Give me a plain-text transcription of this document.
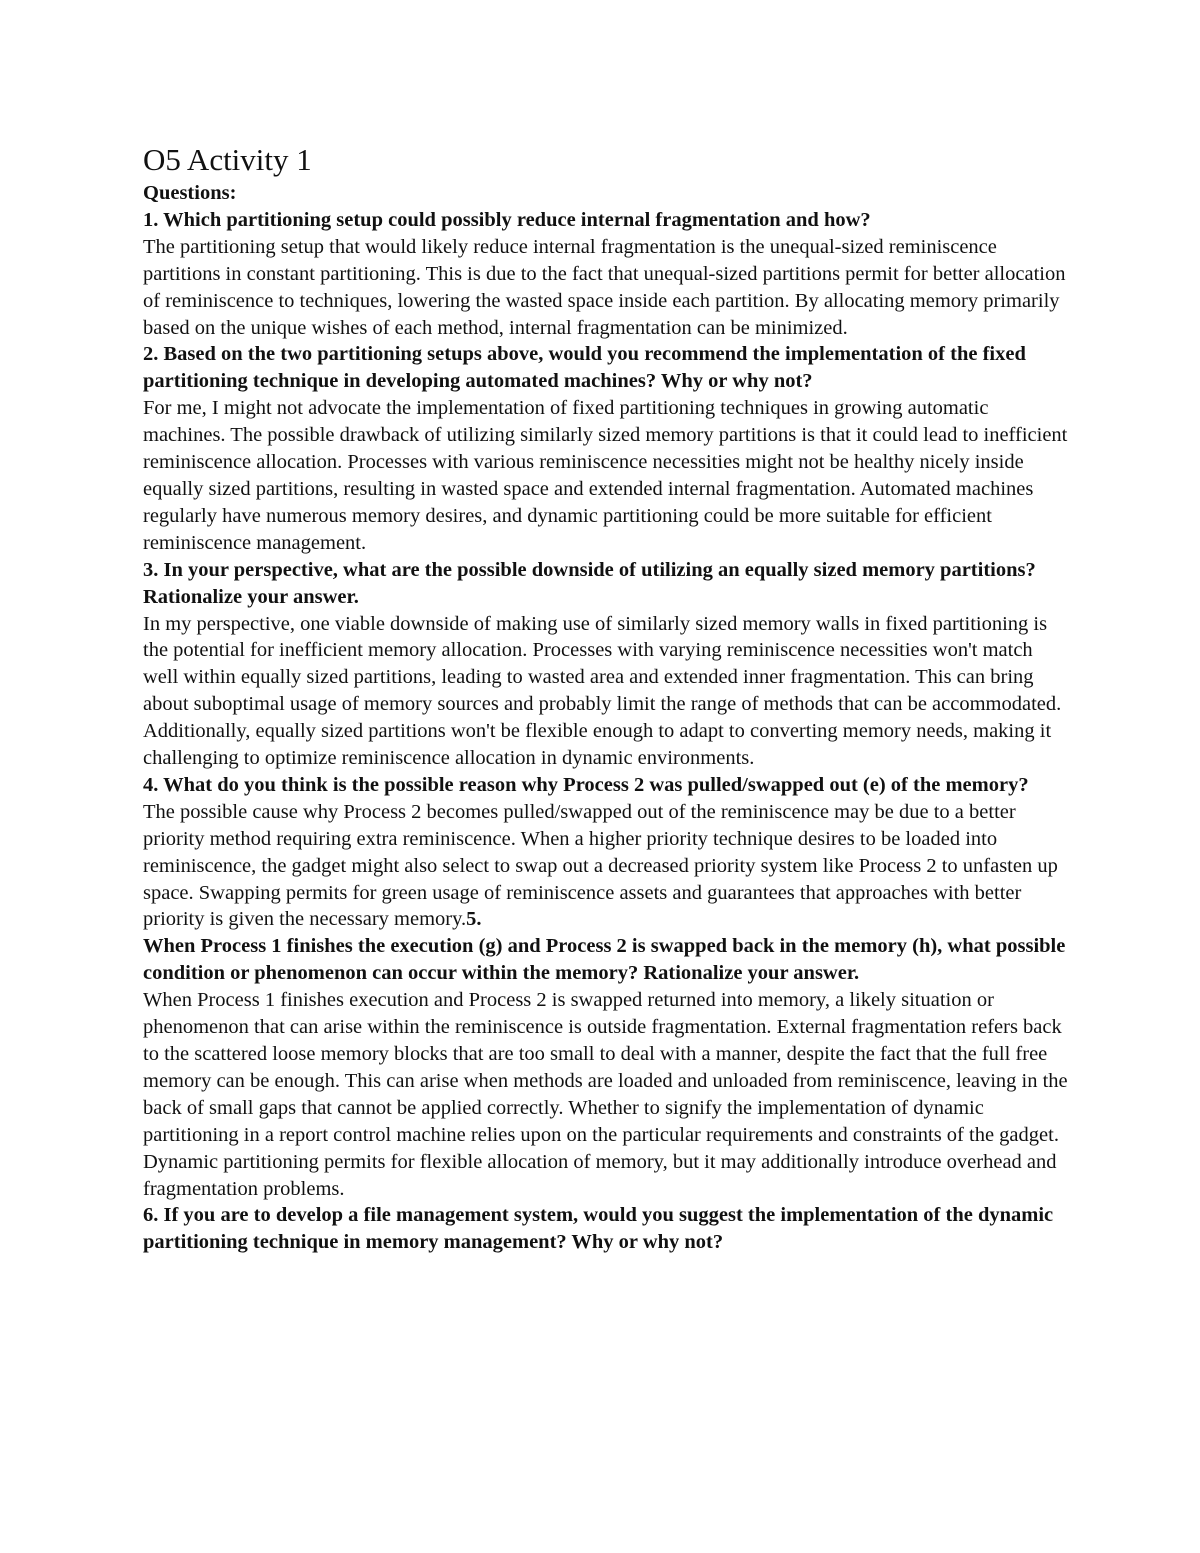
O5 Activity 1

Questions:

1. Which partitioning setup could possibly reduce internal fragmentation and how?

The partitioning setup that would likely reduce internal fragmentation is the unequal-sized reminiscence partitions in constant partitioning. This is due to the fact that unequal-sized partitions permit for better allocation of reminiscence to techniques, lowering the wasted space inside each partition. By allocating memory primarily based on the unique wishes of each method, internal fragmentation can be minimized.

2. Based on the two partitioning setups above, would you recommend the implementation of the fixed partitioning technique in developing automated machines? Why or why not?

For me, I might not advocate the implementation of fixed partitioning techniques in growing automatic machines. The possible drawback of utilizing similarly sized memory partitions is that it could lead to inefficient reminiscence allocation. Processes with various reminiscence necessities might not be healthy nicely inside equally sized partitions, resulting in wasted space and extended internal fragmentation. Automated machines regularly have numerous memory desires, and dynamic partitioning could be more suitable for efficient reminiscence management.

3. In your perspective, what are the possible downside of utilizing an equally sized memory partitions? Rationalize your answer.

In my perspective, one viable downside of making use of similarly sized memory walls in fixed partitioning is the potential for inefficient memory allocation. Processes with varying reminiscence necessities won't match well within equally sized partitions, leading to wasted area and extended inner fragmentation. This can bring about suboptimal usage of memory sources and probably limit the range of methods that can be accommodated. Additionally, equally sized partitions won't be flexible enough to adapt to converting memory needs, making it challenging to optimize reminiscence allocation in dynamic environments.

4. What do you think is the possible reason why Process 2 was pulled/swapped out (e) of the memory?

The possible cause why Process 2 becomes pulled/swapped out of the reminiscence may be due to a better priority method requiring extra reminiscence. When a higher priority technique desires to be loaded into reminiscence, the gadget might also select to swap out a decreased priority system like Process 2 to unfasten up space. Swapping permits for green usage of reminiscence assets and guarantees that approaches with better priority is given the necessary memory.5.

When Process 1 finishes the execution (g) and Process 2 is swapped back in the memory (h), what possible condition or phenomenon can occur within the memory? Rationalize your answer.

When Process 1 finishes execution and Process 2 is swapped returned into memory, a likely situation or phenomenon that can arise within the reminiscence is outside fragmentation. External fragmentation refers back to the scattered loose memory blocks that are too small to deal with a manner, despite the fact that the full free memory can be enough. This can arise when methods are loaded and unloaded from reminiscence, leaving in the back of small gaps that cannot be applied correctly. Whether to signify the implementation of dynamic partitioning in a report control machine relies upon on the particular requirements and constraints of the gadget. Dynamic partitioning permits for flexible allocation of memory, but it may additionally introduce overhead and fragmentation problems.

6. If you are to develop a file management system, would you suggest the implementation of the dynamic partitioning technique in memory management? Why or why not?
